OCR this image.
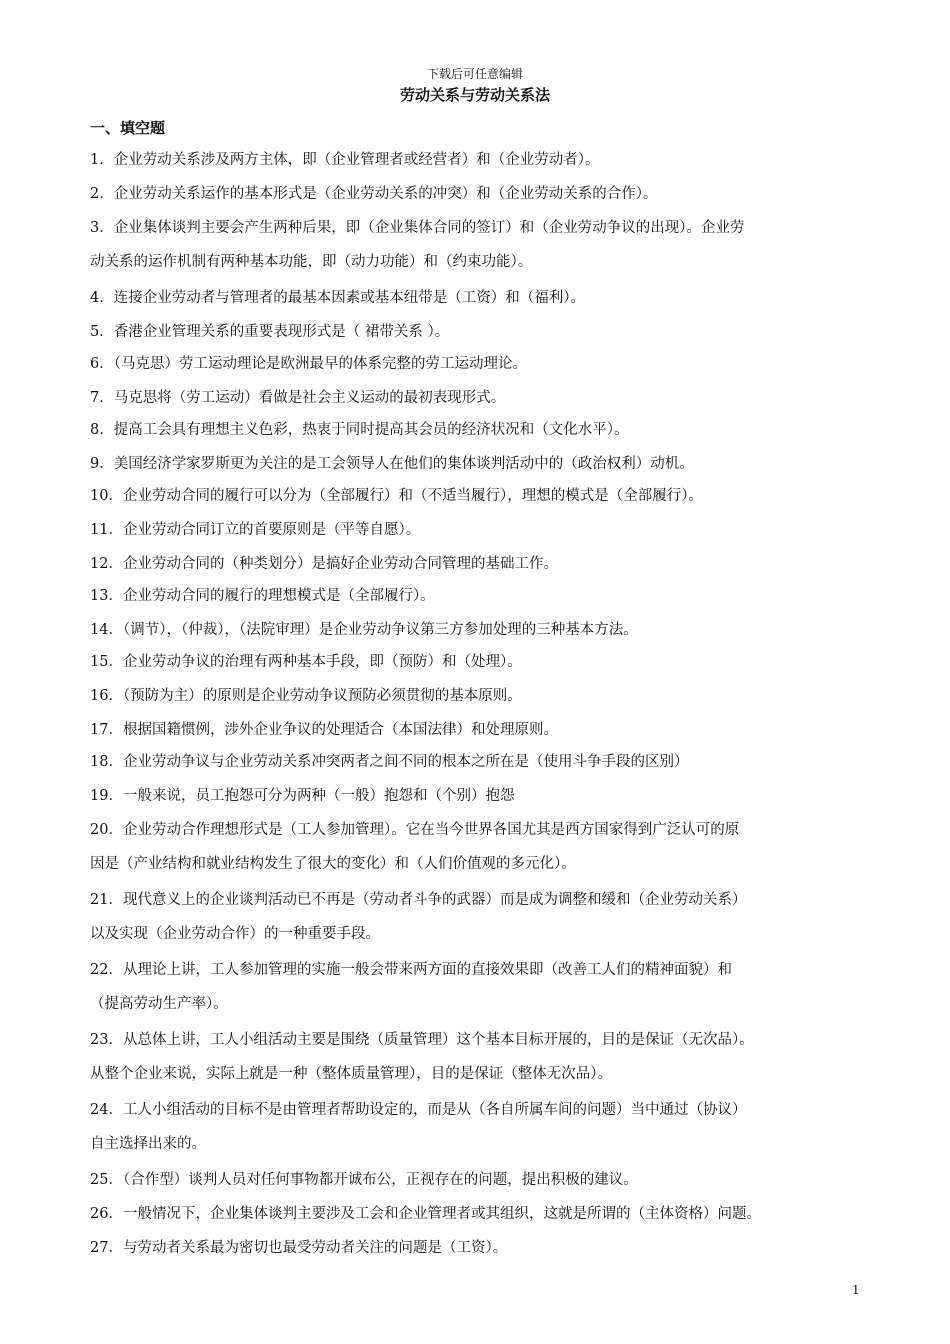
下载后可任意编辑
劳动关系与劳动关系法
一、填空题
1．企业劳动关系涉及两方主体，即（企业管理者或经营者）和（企业劳动者）。
2．企业劳动关系运作的基本形式是（企业劳动关系的冲突）和（企业劳动关系的合作）。
3．企业集体谈判主要会产生两种后果，即（企业集体合同的签订）和（企业劳动争议的出现）。企业劳
动关系的运作机制有两种基本功能，即（动力功能）和（约束功能）。
4．连接企业劳动者与管理者的最基本因素或基本纽带是（工资）和（福利）。
5．香港企业管理关系的重要表现形式是（ 裙带关系 ）。
6．（马克思）劳工运动理论是欧洲最早的体系完整的劳工运动理论。
7．马克思将（劳工运动）看做是社会主义运动的最初表现形式。
8．提高工会具有理想主义色彩，热衷于同时提高其会员的经济状况和（文化水平）。
9．美国经济学家罗斯更为关注的是工会领导人在他们的集体谈判活动中的（政治权利）动机。
10．企业劳动合同的履行可以分为（全部履行）和（不适当履行），理想的模式是（全部履行）。
11．企业劳动合同订立的首要原则是（平等自愿）。
12．企业劳动合同的（种类划分）是搞好企业劳动合同管理的基础工作。
13．企业劳动合同的履行的理想模式是（全部履行）。
14．（调节），（仲裁），（法院审理）是企业劳动争议第三方参加处理的三种基本方法。
15．企业劳动争议的治理有两种基本手段，即（预防）和（处理）。
16．（预防为主）的原则是企业劳动争议预防必须贯彻的基本原则。
17．根据国籍惯例，涉外企业争议的处理适合（本国法律）和处理原则。
18．企业劳动争议与企业劳动关系冲突两者之间不同的根本之所在是（使用斗争手段的区别）
19．一般来说，员工抱怨可分为两种（一般）抱怨和（个别）抱怨
20．企业劳动合作理想形式是（工人参加管理）。它在当今世界各国尤其是西方国家得到广泛认可的原
因是（产业结构和就业结构发生了很大的变化）和（人们价值观的多元化）。
21．现代意义上的企业谈判活动已不再是（劳动者斗争的武器）而是成为调整和缓和（企业劳动关系）
以及实现（企业劳动合作）的一种重要手段。
22．从理论上讲，工人参加管理的实施一般会带来两方面的直接效果即（改善工人们的精神面貌）和
（提高劳动生产率）。
23．从总体上讲，工人小组活动主要是围绕（质量管理）这个基本目标开展的，目的是保证（无次品）。
从整个企业来说，实际上就是一种（整体质量管理），目的是保证（整体无次品）。
24．工人小组活动的目标不是由管理者帮助设定的，而是从（各自所属车间的问题）当中通过（协议）
自主选择出来的。
25．（合作型）谈判人员对任何事物都开诚布公，正视存在的问题，提出积极的建议。
26．一般情况下，企业集体谈判主要涉及工会和企业管理者或其组织，这就是所谓的（主体资格）问题。
27．与劳动者关系最为密切也最受劳动者关注的问题是（工资）。
1
